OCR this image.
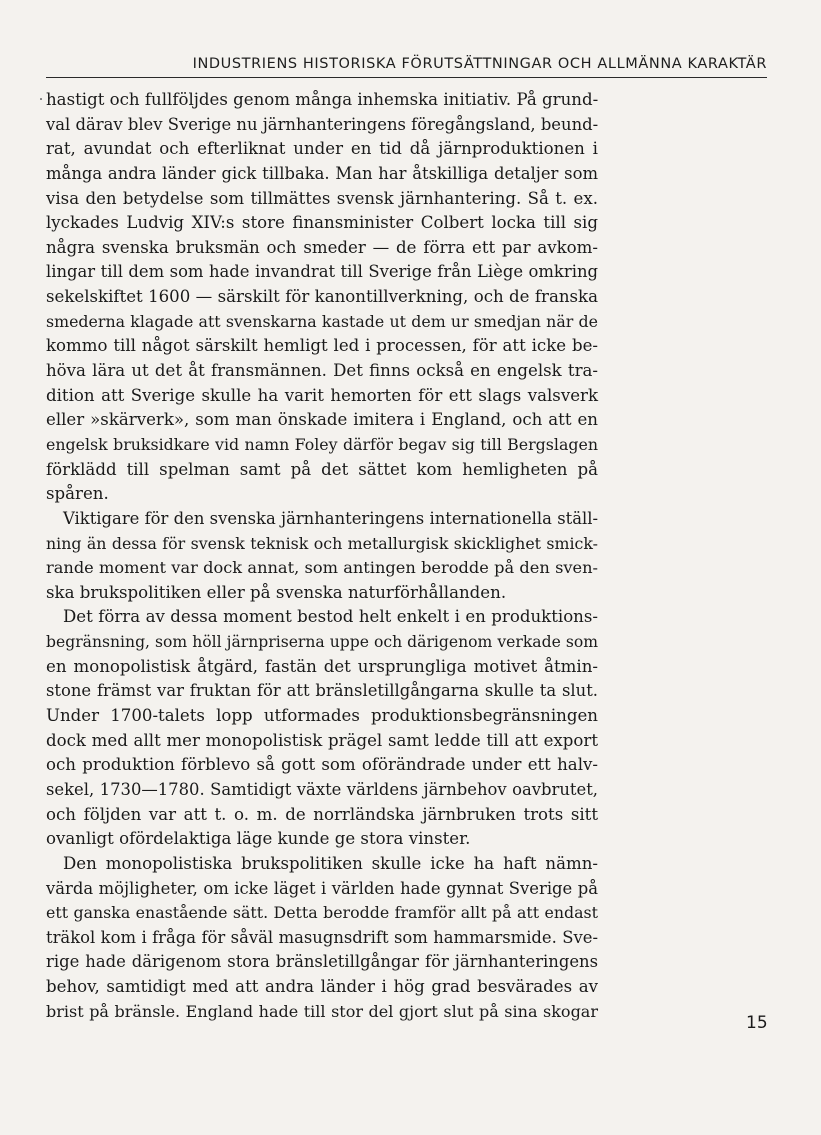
INDUSTRIENS HISTORISKA FÖRUTSÄTTNINGAR OCH ALLMÄNNA KARAKTÄR
hastigt och fullföljdes genom många inhemska initiativ. På grund-
val därav blev Sverige nu järnhanteringens föregångsland, beund-
rat, avundat och efterliknat under en tid då järnproduktionen i
många andra länder gick tillbaka. Man har åtskilliga detaljer som
visa den betydelse som tillmättes svensk järnhantering. Så t. ex.
lyckades Ludvig XIV:s store finansminister Colbert locka till sig
några svenska bruksmän och smeder — de förra ett par avkom-
lingar till dem som hade invandrat till Sverige från Liège omkring
sekelskiftet 1600 — särskilt för kanontillverkning, och de franska
smederna klagade att svenskarna kastade ut dem ur smedjan när de
kommo till något särskilt hemligt led i processen, för att icke be-
höva lära ut det åt fransmännen. Det finns också en engelsk tra-
dition att Sverige skulle ha varit hemorten för ett slags valsverk
eller »skärverk», som man önskade imitera i England, och att en
engelsk bruksidkare vid namn Foley därför begav sig till Bergslagen
förklädd till spelman samt på det sättet kom hemligheten på
spåren.
Viktigare för den svenska järnhanteringens internationella ställ-
ning än dessa för svensk teknisk och metallurgisk skicklighet smick-
rande moment var dock annat, som antingen berodde på den sven-
ska brukspolitiken eller på svenska naturförhållanden.
Det förra av dessa moment bestod helt enkelt i en produktions-
begränsning, som höll järnpriserna uppe och därigenom verkade som
en monopolistisk åtgärd, fastän det ursprungliga motivet åtmin-
stone främst var fruktan för att bränsletillgångarna skulle ta slut.
Under 1700-talets lopp utformades produktionsbegränsningen
dock med allt mer monopolistisk prägel samt ledde till att export
och produktion förblevo så gott som oförändrade under ett halv-
sekel, 1730—1780. Samtidigt växte världens järnbehov oavbrutet,
och följden var att t. o. m. de norrländska järnbruken trots sitt
ovanligt ofördelaktiga läge kunde ge stora vinster.
Den monopolistiska brukspolitiken skulle icke ha haft nämn-
värda möjligheter, om icke läget i världen hade gynnat Sverige på
ett ganska enastående sätt. Detta berodde framför allt på att endast
träkol kom i fråga för såväl masugnsdrift som hammarsmide. Sve-
rige hade därigenom stora bränsletillgångar för järnhanteringens
behov, samtidigt med att andra länder i hög grad besvärades av
brist på bränsle. England hade till stor del gjort slut på sina skogar
15
